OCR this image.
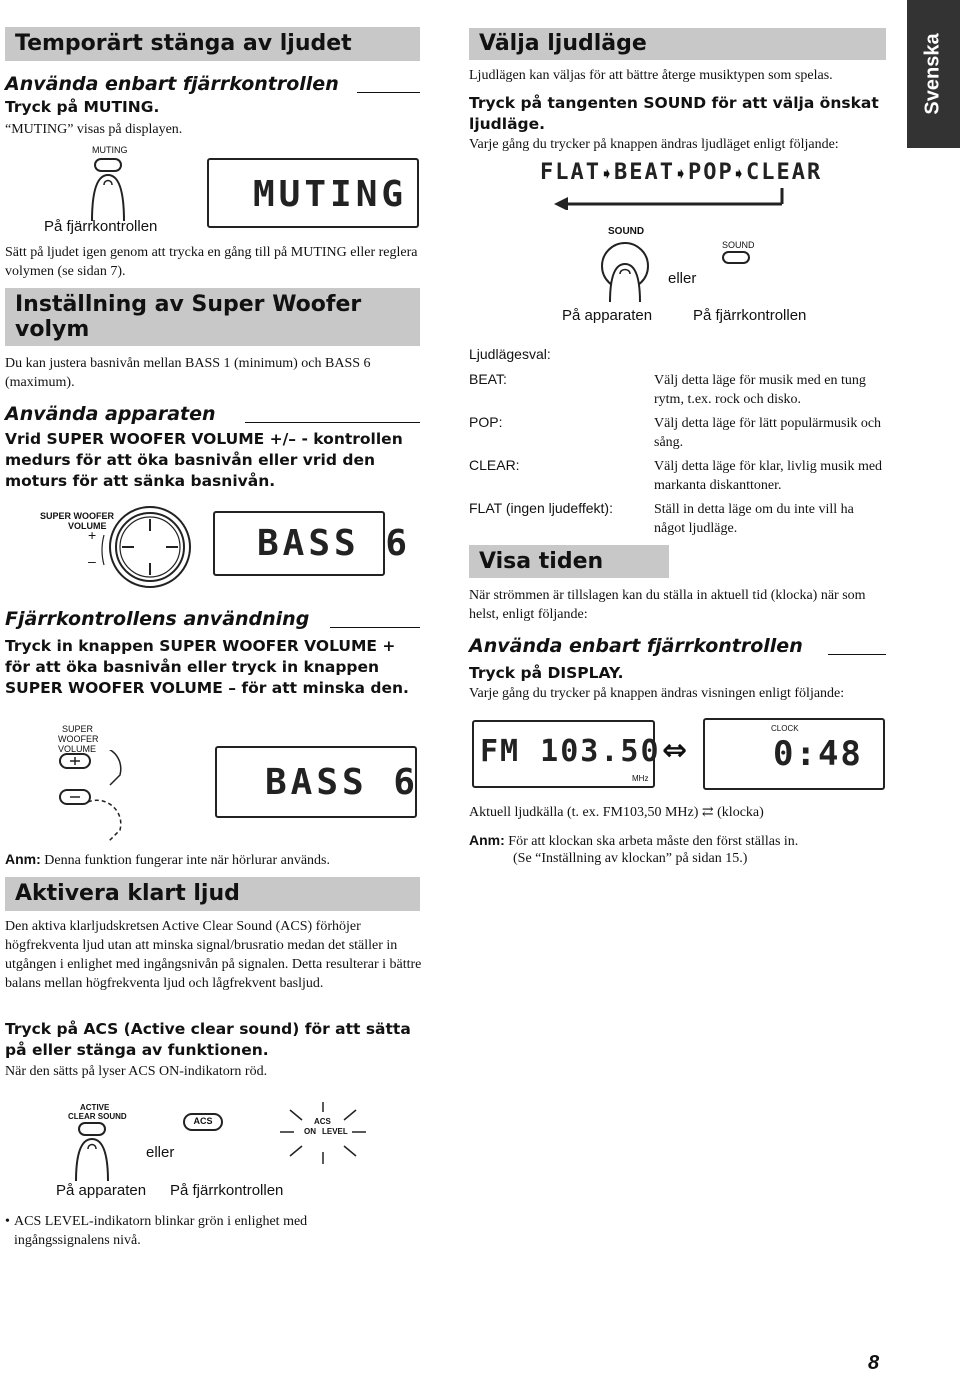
Svenska
Temporärt stänga av ljudet
Använda enbart fjärrkontrollen
Tryck på MUTING.
“MUTING” visas på displayen.
MUTING
På fjärrkontrollen
MUTING
Sätt på ljudet igen genom att trycka en gång till på MUTING eller reglera volymen (se sidan 7).
Inställning av Super Woofer
volym
Du kan justera basnivån mellan BASS 1 (minimum) och BASS 6 (maximum).
Använda apparaten
Vrid SUPER WOOFER VOLUME +/– - kontrollen medurs för att öka basnivån eller vrid den moturs för att sänka basnivån.
SUPER WOOFER
VOLUME
+
–	BASS 6
Fjärrkontrollens användning
Tryck in knappen SUPER WOOFER VOLUME + för att öka basnivån eller tryck in knappen SUPER WOOFER VOLUME – för att minska den.
SUPER
WOOFER
VOLUME
BASS 6
Anm: Denna funktion fungerar inte när hörlurar används.
Aktivera klart ljud
Den aktiva klarljudskretsen Active Clear Sound (ACS) förhöjer högfrekventa ljud utan att minska signal/brusratio medan det ställer in utgången i enlighet med ingångsnivån på signalen. Detta resulterar i bättre balans mellan högfrekventa ljud och lågfrekvent basljud.
Tryck på ACS (Active clear sound) för att sätta på eller stänga av funktionen.
När den sätts på lyser ACS ON-indikatorn röd.
ACTIVE
CLEAR SOUND
eller
ACS	ACS
ON LEVEL
På apparaten På fjärrkontrollen
• ACS LEVEL-indikatorn blinkar grön i enlighet med ingångssignalens nivå.
Välja ljudläge
Ljudlägen kan väljas för att bättre återge musiktypen som spelas.
Tryck på tangenten SOUND för att välja önskat ljudläge.
Varje gång du trycker på knappen ändras ljudläget enligt följande:
FLAT ➧ BEAT ➧ POP
➧ CLEAR
SOUND
eller
SOUND
På apparaten	På fjärrkontrollen
Ljudlägesval:
BEAT:	Välj detta läge för musik med en tung rytm, t.ex. rock och disko.
POP:	Välj detta läge för lätt populärmusik och sång.
CLEAR:	Välj detta läge för klar, livlig musik med markanta diskanttoner.
FLAT (ingen ljudeffekt):	Ställ in detta läge om du inte vill ha något ljudläge.
Visa tiden
När strömmen är tillslagen kan du ställa in aktuell tid (klocka) när som helst, enligt följande:
Använda enbart fjärrkontrollen
Tryck på DISPLAY.
Varje gång du trycker på knappen ändras visningen enligt följande:
FM 103.50
MHz
⇔
CLOCK
0:48
Aktuell ljudkälla (t. ex. FM103,50 MHz) ⇄ (klocka)
Anm: För att klockan ska arbeta måste den först ställas in.
(Se “Inställning av klockan” på sidan 15.)
8
